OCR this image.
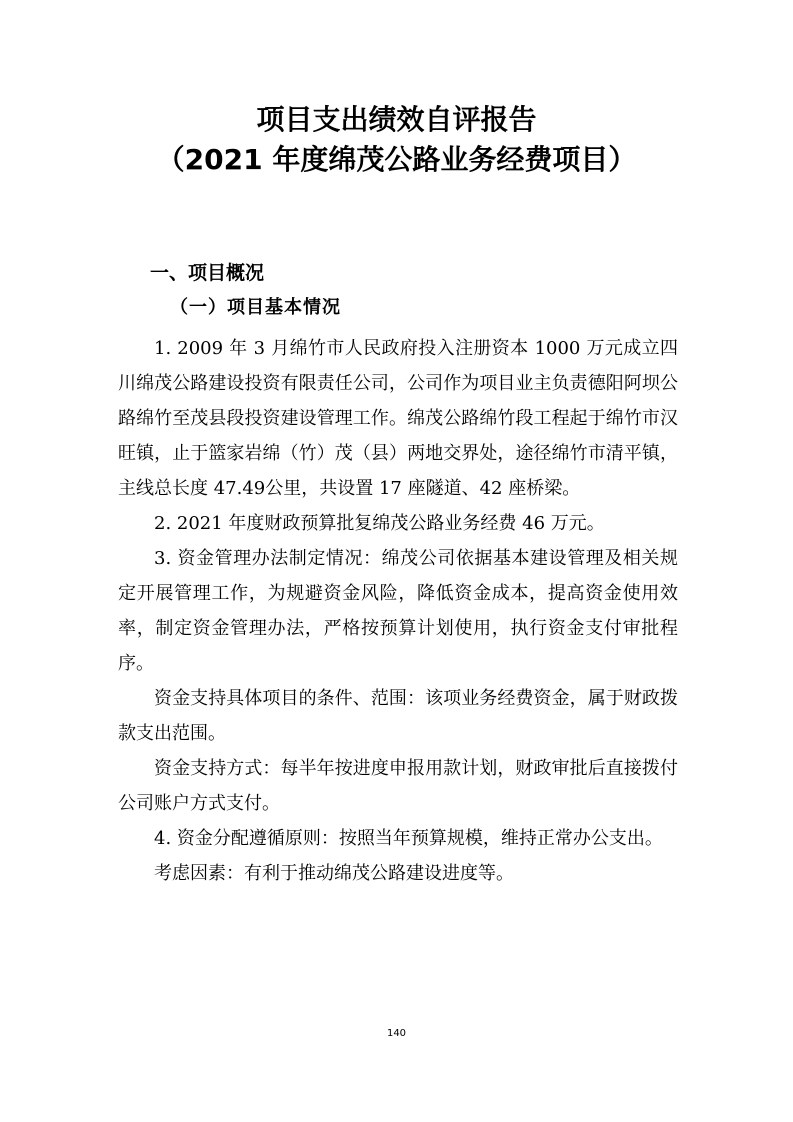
项目支出绩效自评报告
（2021 年度绵茂公路业务经费项目）
一、项目概况
（一）项目基本情况

1. 2009 年 3 月绵竹市人民政府投入注册资本 1000 万元成立四川绵茂公路建设投资有限责任公司，公司作为项目业主负责德阳阿坝公路绵竹至茂县段投资建设管理工作。绵茂公路绵竹段工程起于绵竹市汉旺镇，止于篮家岩绵（竹）茂（县）两地交界处，途径绵竹市清平镇，主线总长度 47.49公里，共设置 17 座隧道、42 座桥梁。

2. 2021 年度财政预算批复绵茂公路业务经费 46 万元。

3. 资金管理办法制定情况：绵茂公司依据基本建设管理及相关规定开展管理工作，为规避资金风险，降低资金成本，提高资金使用效率，制定资金管理办法，严格按预算计划使用，执行资金支付审批程序。

资金支持具体项目的条件、范围：该项业务经费资金，属于财政拨款支出范围。

资金支持方式：每半年按进度申报用款计划，财政审批后直接拨付公司账户方式支付。

4. 资金分配遵循原则：按照当年预算规模，维持正常办公支出。

考虑因素：有利于推动绵茂公路建设进度等。

140
